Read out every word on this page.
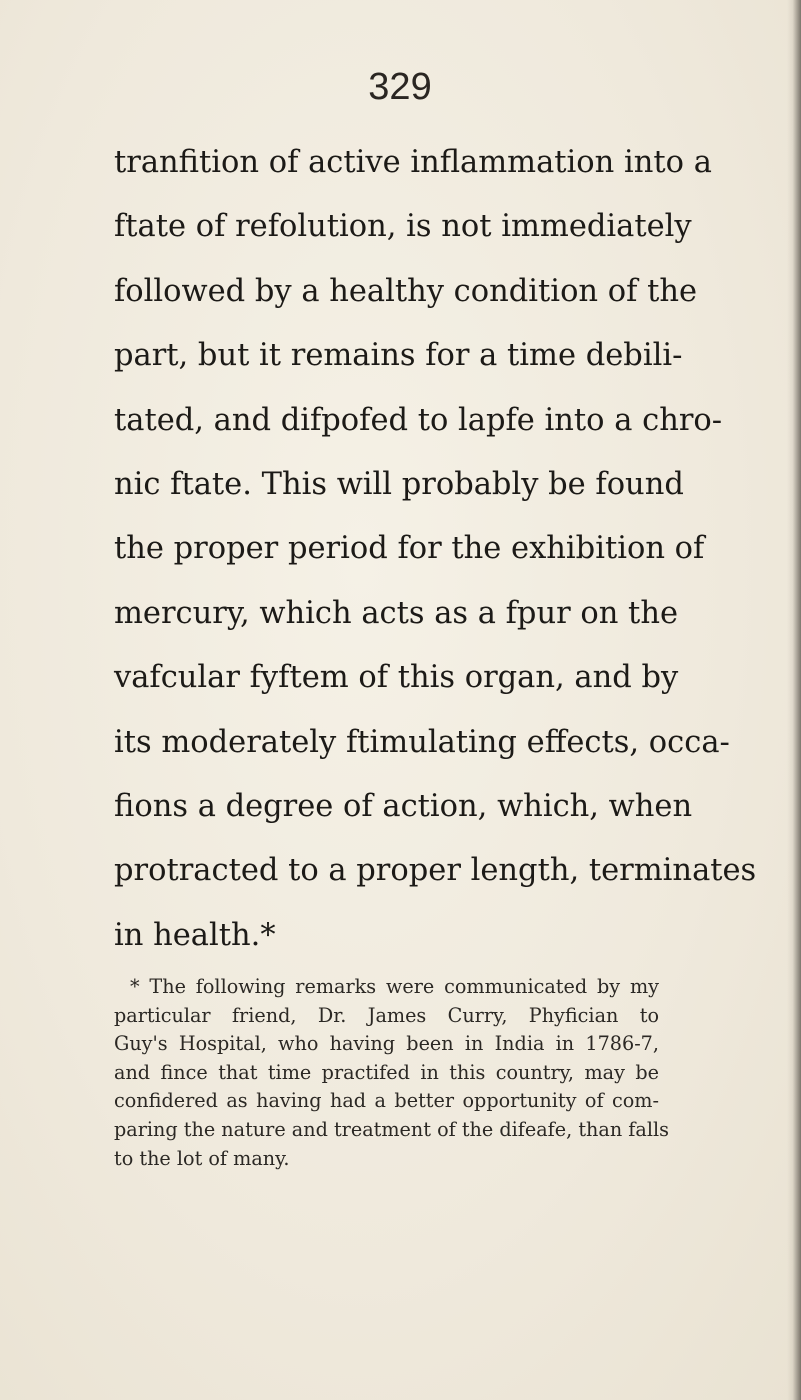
329
tranfition of active inflammation into a
ftate of refolution, is not immediately
followed by a healthy condition of the
part, but it remains for a time debili-
tated, and difpofed to lapfe into a chro-
nic ftate. This will probably be found
the proper period for the exhibition of
mercury, which acts as a fpur on the
vafcular fyftem of this organ, and by
its moderately ftimulating effects, occa-
fions a degree of action, which, when
protracted to a proper length, terminates
in health.*
* The following remarks were communicated by my
particular friend, Dr. James Curry, Phyfician to
Guy's Hospital, who having been in India in 1786-7,
and fince that time practifed in this country, may be
confidered as having had a better opportunity of com-
paring the nature and treatment of the difeafe, than falls
to the lot of many.
